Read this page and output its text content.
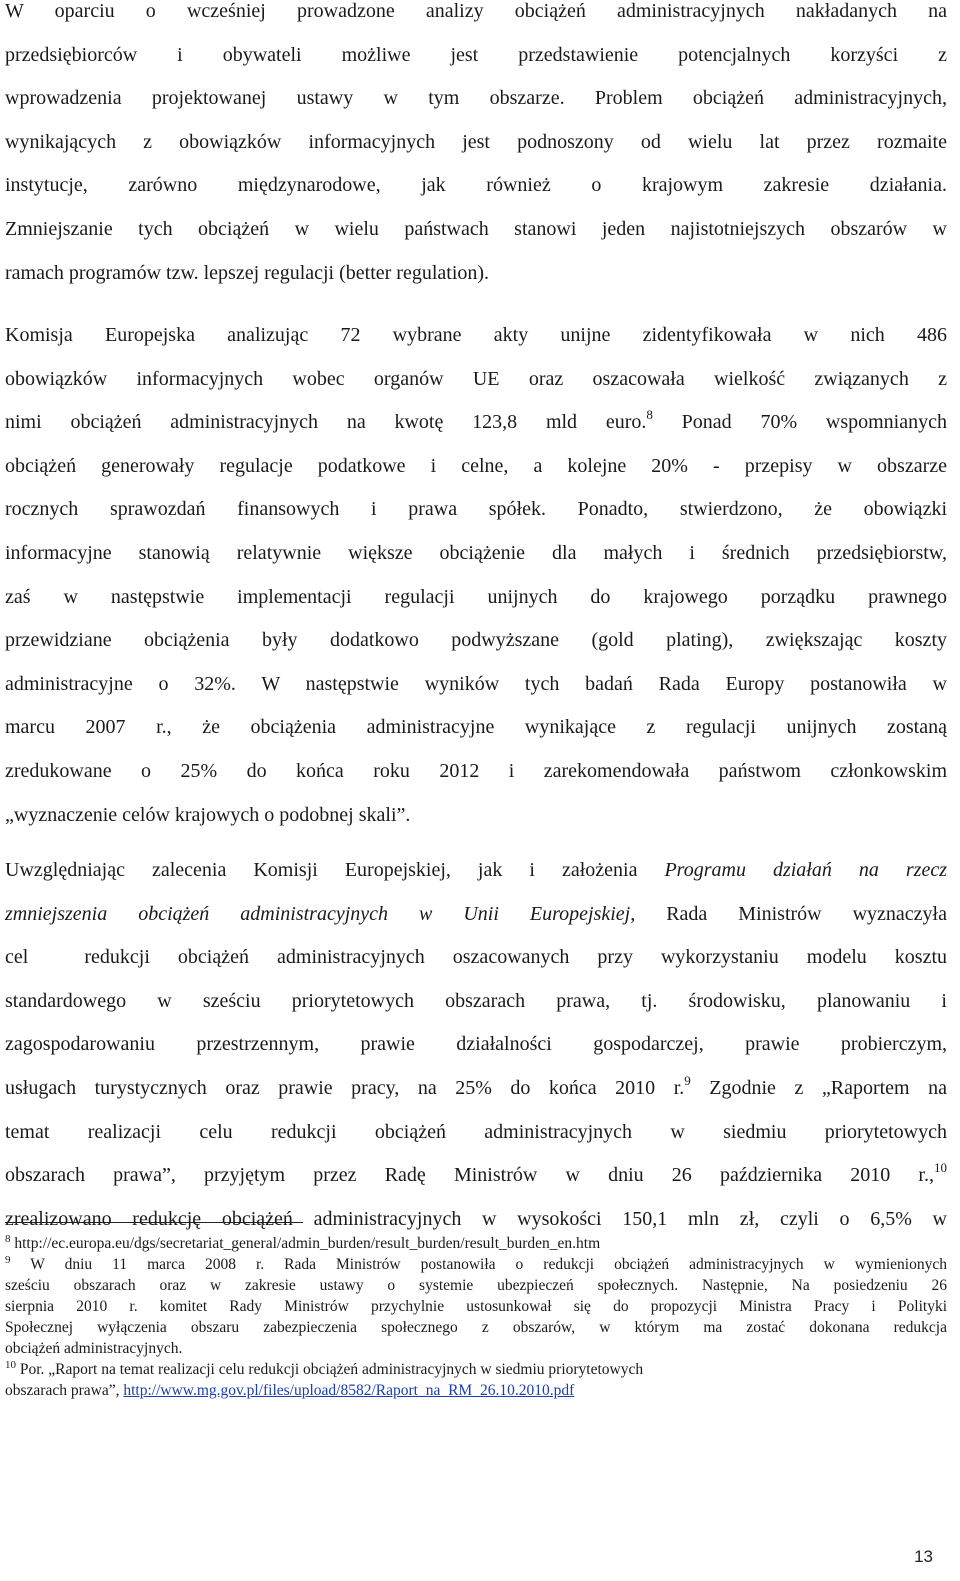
W oparciu o wcześniej prowadzone analizy obciążeń administracyjnych nakładanych na
przedsiębiorców i obywateli możliwe jest przedstawienie potencjalnych korzyści z
wprowadzenia projektowanej ustawy w tym obszarze. Problem obciążeń administracyjnych,
wynikających z obowiązków informacyjnych jest podnoszony od wielu lat przez rozmaite
instytucje, zarówno międzynarodowe, jak również o krajowym zakresie działania.
Zmniejszanie tych obciążeń w wielu państwach stanowi jeden najistotniejszych obszarów w
ramach programów tzw. lepszej regulacji (better regulation).

Komisja Europejska analizując 72 wybrane akty unijne zidentyfikowała w nich 486
obowiązków informacyjnych wobec organów UE oraz oszacowała wielkość związanych z
nimi obciążeń administracyjnych na kwotę 123,8 mld euro.$^8$ Ponad 70% wspomnianych
obciążeń generowały regulacje podatkowe i celne, a kolejne 20% - przepisy w obszarze
rocznych sprawozdań finansowych i prawa spółek. Ponadto, stwierdzono, że obowiązki
informacyjne stanowią relatywnie większe obciążenie dla małych i średnich przedsiębiorstw,
zaś w następstwie implementacji regulacji unijnych do krajowego porządku prawnego
przewidziane obciążenia były dodatkowo podwyższane (gold plating), zwiększając koszty
administracyjne o 32%. W następstwie wyników tych badań Rada Europy postanowiła w
marcu 2007 r., że obciążenia administracyjne wynikające z regulacji unijnych zostaną
zredukowane o 25% do końca roku 2012 i zarekomendowała państwom członkowskim
„wyznaczenie celów krajowych o podobnej skali”.

Uwzględniając zalecenia Komisji Europejskiej, jak i założenia Programu działań na rzecz
zmniejszenia obciążeń administracyjnych w Unii Europejskiej, Rada Ministrów wyznaczyła
cel  redukcji obciążeń administracyjnych oszacowanych przy wykorzystaniu modelu kosztu
standardowego w sześciu priorytetowych obszarach prawa, tj. środowisku, planowaniu i
zagospodarowaniu przestrzennym, prawie działalności gospodarczej, prawie probierczym,
usługach turystycznych oraz prawie pracy, na 25% do końca 2010 r.$^9$ Zgodnie z „Raportem na
temat realizacji celu redukcji obciążeń administracyjnych w siedmiu priorytetowych
obszarach prawa”, przyjętym przez Radę Ministrów w dniu 26 października 2010 r.,$^{10}$
zrealizowano redukcję obciążeń administracyjnych w wysokości 150,1 mln zł, czyli o 6,5% w

$^8$ http://ec.europa.eu/dgs/secretariat_general/admin_burden/result_burden/result_burden_en.htm
$^9$ W dniu 11 marca 2008 r. Rada Ministrów postanowiła o redukcji obciążeń administracyjnych w wymienionych
sześciu obszarach oraz w zakresie ustawy o systemie ubezpieczeń społecznych. Następnie, Na posiedzeniu 26
sierpnia 2010 r. komitet Rady Ministrów przychylnie ustosunkował się do propozycji Ministra Pracy i Polityki
Społecznej wyłączenia obszaru zabezpieczenia społecznego z obszarów, w którym ma zostać dokonana redukcja
obciążeń administracyjnych.
$^{10}$ Por. „Raport na temat realizacji celu redukcji obciążeń administracyjnych w siedmiu priorytetowych
obszarach prawa”, http://www.mg.gov.pl/files/upload/8582/Raport_na_RM_26.10.2010.pdf
13
